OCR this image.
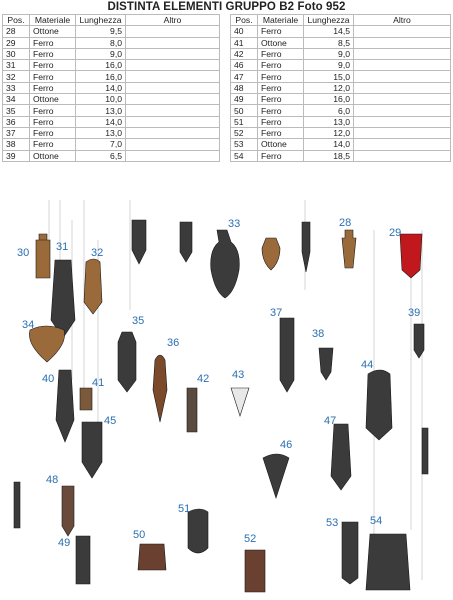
DISTINTA ELEMENTI GRUPPO B2 Foto 952
Pos.	Materiale	Lunghezza	Altro
28	Ottone	9,5	
29	Ferro	8,0	
30	Ferro	9,0	
31	Ferro	16,0	
32	Ferro	16,0	
33	Ferro	14,0	
34	Ottone	10,0	
35	Ferro	13,0	
36	Ferro	14,0	
37	Ferro	13,0	
38	Ferro	7,0	
39	Ottone	6,5	
Pos.	Materiale	Lunghezza	Altro
40	Ferro	14,5	
41	Ottone	8,5	
42	Ferro	9,0	
46	Ferro	9,0	
47	Ferro	15,0	
48	Ferro	12,0	
49	Ferro	16,0	
50	Ferro	6,0	
51	Ferro	13,0	
52	Ferro	12,0	
53	Ottone	14,0	
54	Ferro	18,5	
28
29
30 31 32
33
34	35
36
37
38
39
40	41	42 43
44
45
46
47
48
49
50
51
52
53	54
